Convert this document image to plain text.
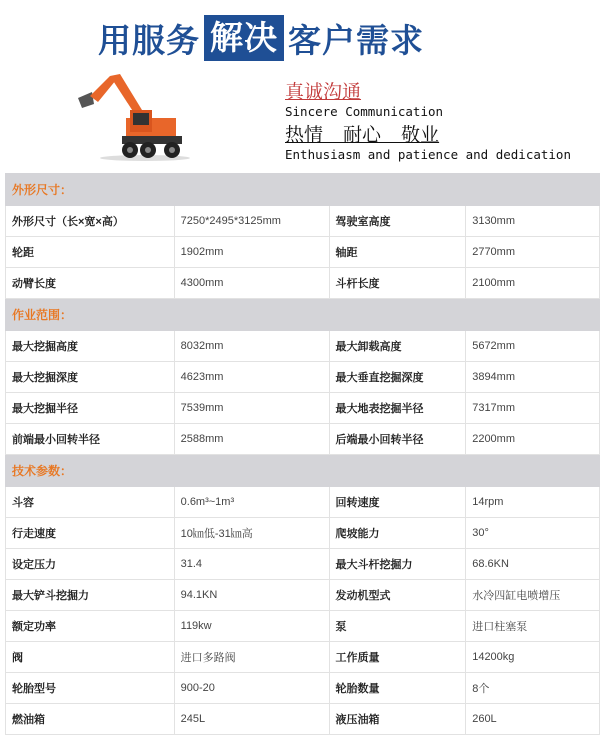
用服务 解决 客户需求
真诚沟通
Sincere Communication
热情 耐心 敬业
Enthusiasm and patience and dedication
外形尺寸：			
外形尺寸（长×宽×高）	7250*2495*3125mm	驾驶室高度	3130mm
轮距	1902mm	轴距	2770mm
动臂长度	4300mm	斗杆长度	2100mm
作业范围：			
最大挖掘高度	8032mm	最大卸载高度	5672mm
最大挖掘深度	4623mm	最大垂直挖掘深度	3894mm
最大挖掘半径	7539mm	最大地表挖掘半径	7317mm
前端最小回转半径	2588mm	后端最小回转半径	2200mm
技术参数：			
斗容	0.6m³~1m³	回转速度	14rpm
行走速度	10㎞低-31㎞高	爬坡能力	30°
设定压力	31.4	最大斗杆挖掘力	68.6KN
最大铲斗挖掘力	94.1KN	发动机型式	水冷四缸电喷增压
额定功率	119kw	泵	进口柱塞泵
阀	进口多路阀	工作质量	14200kg
轮胎型号	900-20	轮胎数量	8个
燃油箱	245L	液压油箱	260L
